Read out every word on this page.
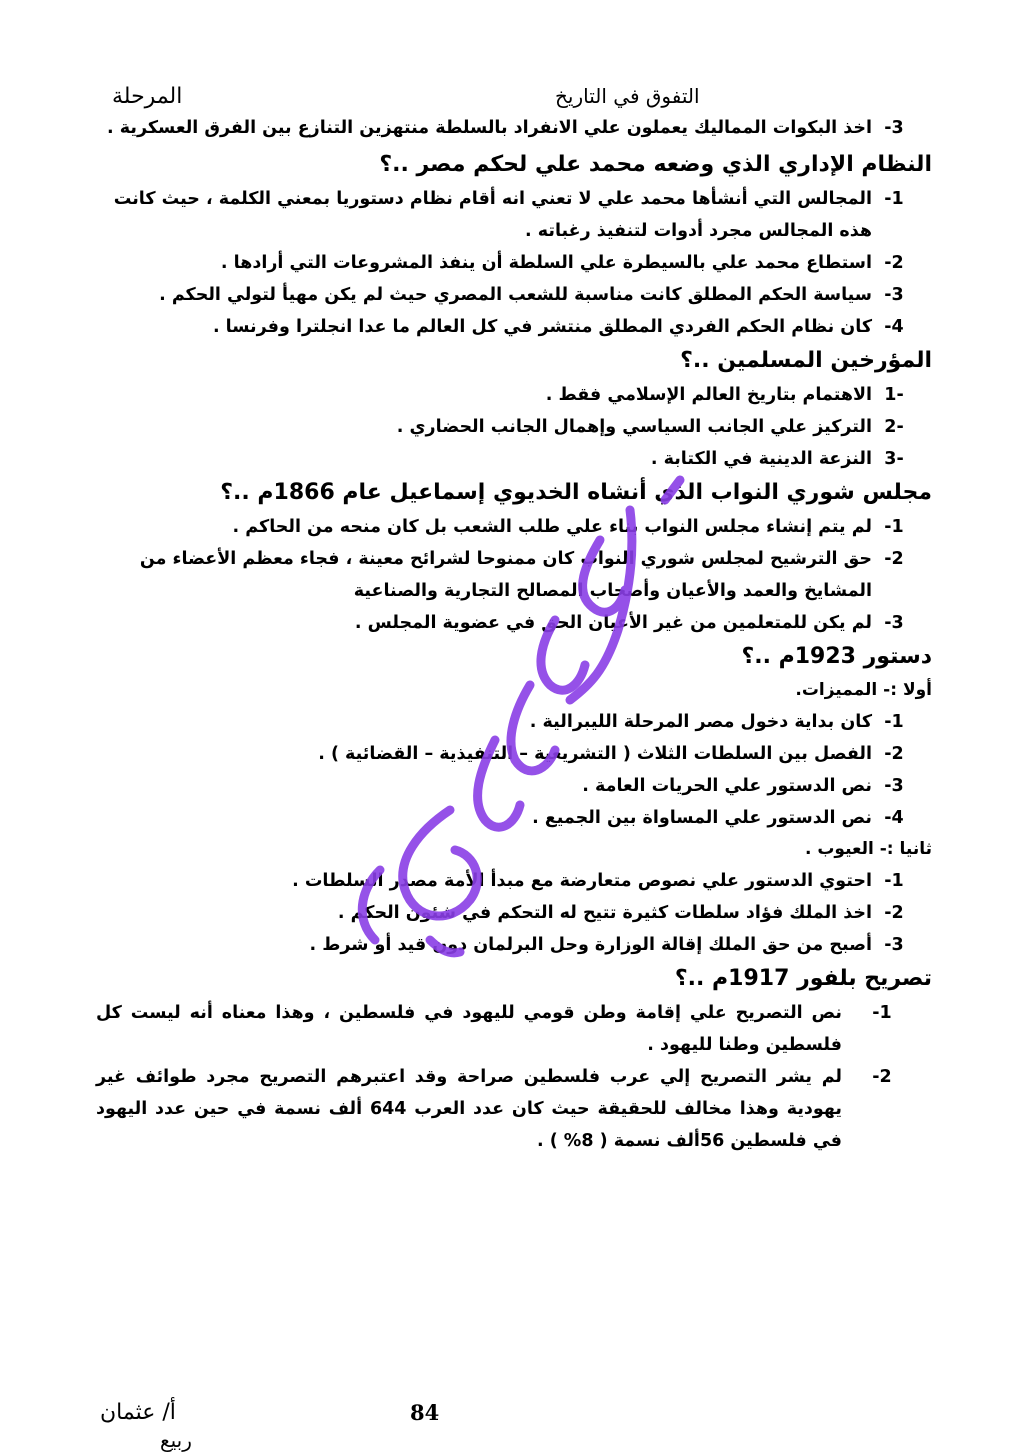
المرحلة	التفوق في التاريخ

-3
اخذ البكوات المماليك يعملون علي الانفراد بالسلطة منتهزين التنازع بين الفرق العسكرية .

النظام الإداري الذي وضعه محمد علي لحكم مصر ..؟

-1
المجالس التي أنشأها محمد علي لا تعني انه أقام نظام دستوريا بمعني الكلمة ، حيث كانت هذه المجالس مجرد أدوات لتنفيذ رغباته .

-2
استطاع محمد علي بالسيطرة علي السلطة أن ينفذ المشروعات التي أرادها .

-3
سياسة الحكم المطلق كانت مناسبة للشعب المصري حيث لم يكن مهيأ لتولي الحكم .

-4
كان نظام الحكم الفردي المطلق منتشر في كل العالم ما عدا انجلترا وفرنسا .

المؤرخين المسلمين ..؟

1-
الاهتمام بتاريخ العالم الإسلامي فقط .

2-
التركيز علي الجانب السياسي وإهمال الجانب الحضاري .

3-
النزعة الدينية في الكتابة .

مجلس شوري النواب الذي أنشاه الخديوي إسماعيل عام 1866م ..؟

-1
لم يتم إنشاء مجلس النواب بناء علي طلب الشعب بل كان منحه من الحاكم .

-2
حق الترشيح لمجلس شوري النواب كان ممنوحا لشرائح معينة ، فجاء معظم الأعضاء من المشايخ والعمد والأعيان وأصحاب المصالح التجارية والصناعية

-3
لم يكن للمتعلمين من غير الأعيان الحق في عضوية المجلس .

دستور 1923م ..؟

أولا :- المميزات.

-1
كان بداية دخول مصر المرحلة الليبرالية .

-2
الفصل بين السلطات الثلاث ( التشريعية – التنفيذية – القضائية ) .

-3
نص الدستور علي الحريات العامة .

-4
نص الدستور علي المساواة بين الجميع .

ثانيا :- العيوب .

-1
احتوي الدستور علي نصوص متعارضة مع مبدأ الأمة مصدر السلطات .

-2
اخذ الملك فؤاد سلطات كثيرة تتيح له التحكم في شئون الحكم .

-3
أصبح من حق الملك إقالة الوزارة وحل البرلمان دون قيد أو شرط .

تصريح بلفور 1917م ..؟

-1
نص التصريح علي إقامة وطن قومي لليهود في فلسطين ، وهذا معناه أنه ليست كل فلسطين وطنا لليهود .

-2
لم يشر التصريح إلي عرب فلسطين صراحة وقد اعتبرهم التصريح مجرد طوائف غير يهودية وهذا مخالف للحقيقة حيث كان عدد العرب 644 ألف نسمة في حين عدد اليهود في فلسطين 56ألف نسمة ( 8% ) .

أ/ عثمان
ربيع
84
